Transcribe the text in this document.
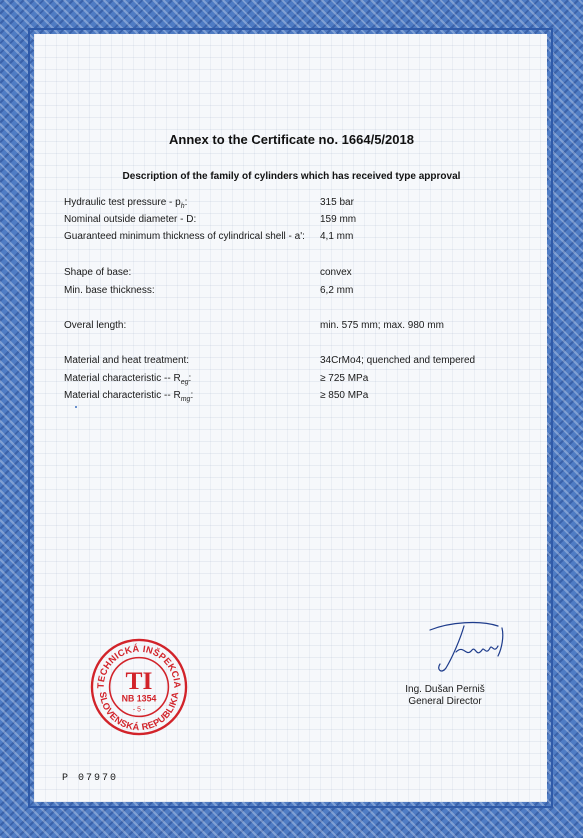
Annex to the Certificate no. 1664/5/2018
Description of the family of cylinders which has received type approval
Hydraulic test pressure - $p_h$:	315 bar
Nominal outside diameter - D:	159 mm
Guaranteed minimum thickness of cylindrical shell - a': 4,1 mm
Shape of base:	convex
Min. base thickness:	6,2 mm
Overal length:	min. 575 mm; max. 980 mm
Material and heat treatment:	34CrMo4; quenched and tempered
Material characteristic -- $R_{eg}$:	≥ 725 MPa
Material characteristic -- $R_{mg}$:	≥ 850 MPa
TECHNICKÁ INŠPEKCIA
SLOVENSKÁ REPUBLIKA
TI
NB 1354
- 5 -
Ing. Dušan Perniš
General Director
P 07970
